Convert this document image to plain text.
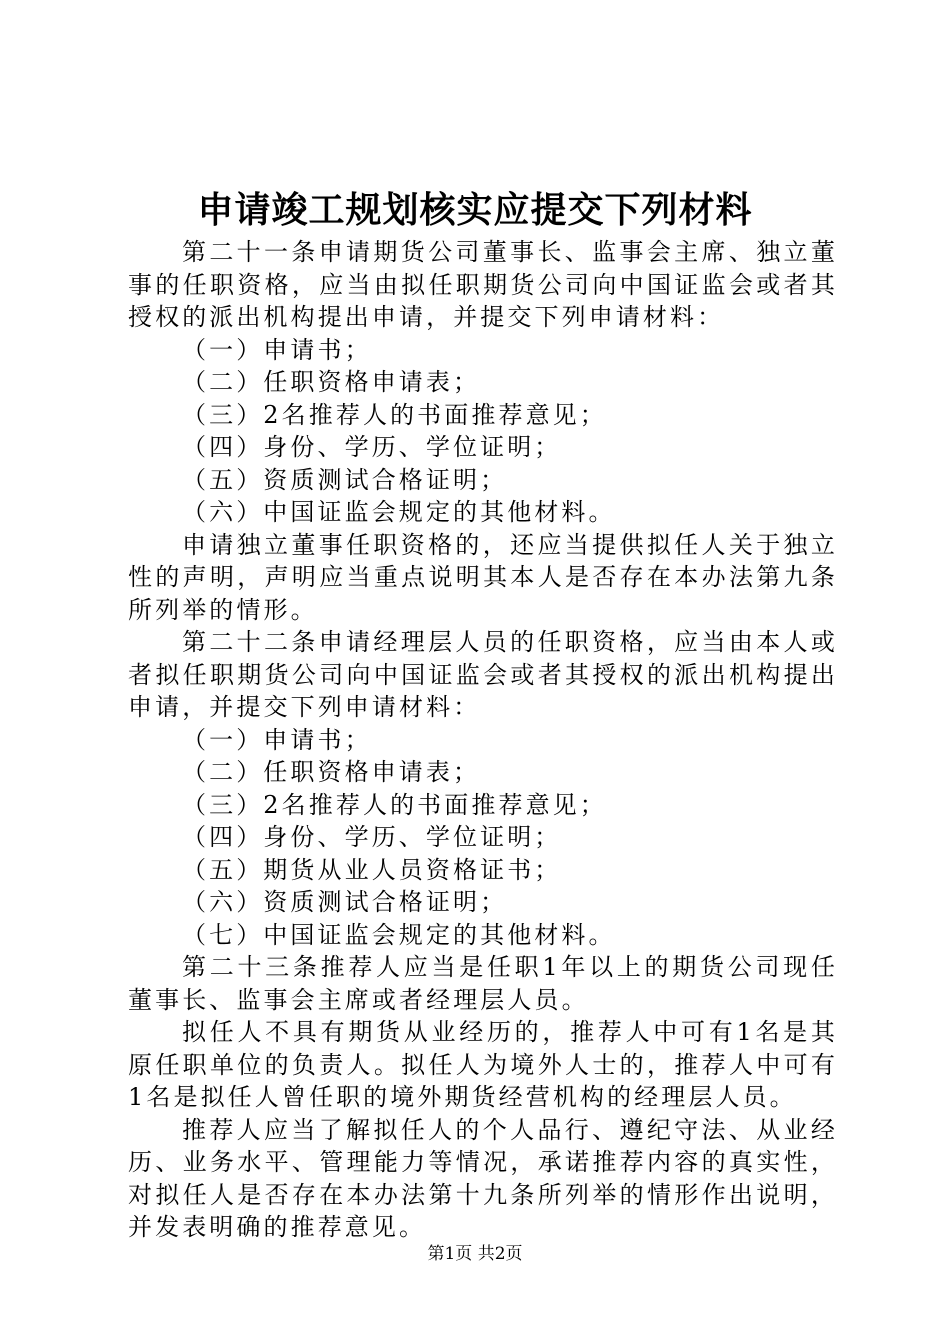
申请竣工规划核实应提交下列材料

第二十一条申请期货公司董事长、监事会主席、独立董事的任职资格，应当由拟任职期货公司向中国证监会或者其授权的派出机构提出申请，并提交下列申请材料：

（一）申请书；

（二）任职资格申请表；

（三）2名推荐人的书面推荐意见；

（四）身份、学历、学位证明；

（五）资质测试合格证明；

（六）中国证监会规定的其他材料。

申请独立董事任职资格的，还应当提供拟任人关于独立性的声明，声明应当重点说明其本人是否存在本办法第九条所列举的情形。

第二十二条申请经理层人员的任职资格，应当由本人或者拟任职期货公司向中国证监会或者其授权的派出机构提出申请，并提交下列申请材料：

（一）申请书；

（二）任职资格申请表；

（三）2名推荐人的书面推荐意见；

（四）身份、学历、学位证明；

（五）期货从业人员资格证书；

（六）资质测试合格证明；

（七）中国证监会规定的其他材料。

第二十三条推荐人应当是任职1年以上的期货公司现任董事长、监事会主席或者经理层人员。

拟任人不具有期货从业经历的，推荐人中可有1名是其原任职单位的负责人。拟任人为境外人士的，推荐人中可有1名是拟任人曾任职的境外期货经营机构的经理层人员。

推荐人应当了解拟任人的个人品行、遵纪守法、从业经历、业务水平、管理能力等情况，承诺推荐内容的真实性，对拟任人是否存在本办法第十九条所列举的情形作出说明，并发表明确的推荐意见。

第1页 共2页
